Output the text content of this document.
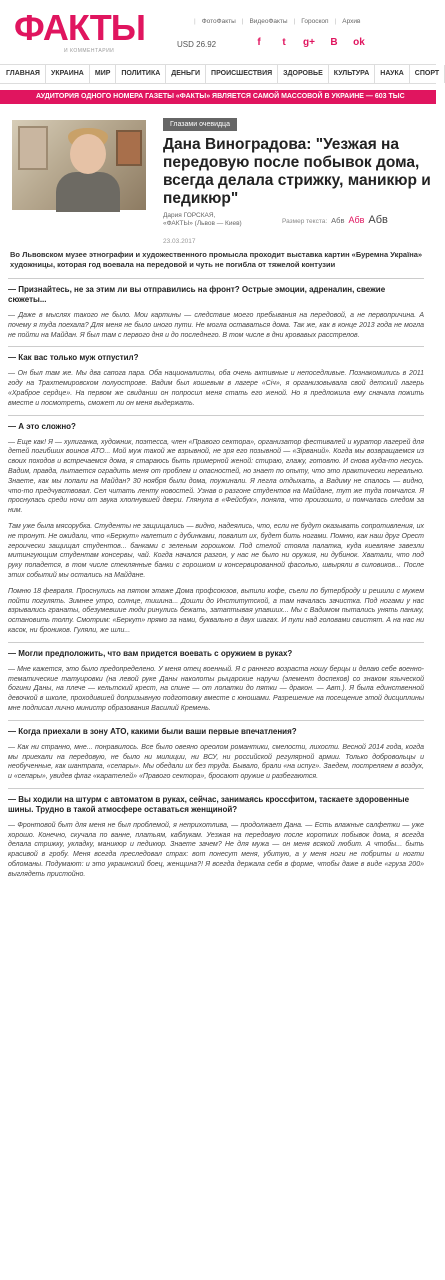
ФАКТЫ
И КОММЕНТАРИИ
| ФотоФакты | ВидеоФакты | Гороскоп | Архив
USD 26.92	f	t	g+	B	ok
ГЛАВНАЯ	УКРАИНА	МИР	ПОЛИТИКА	ДЕНЬГИ	ПРОИСШЕСТВИЯ	ЗДОРОВЬЕ	КУЛЬТУРА	НАУКА	СПОРТ
АУДИТОРИЯ ОДНОГО НОМЕРА ГАЗЕТЫ «ФАКТЫ» ЯВЛЯЕТСЯ САМОЙ МАССОВОЙ В УКРАИНЕ — 603 ТЫС
Глазами очевидца
Дана Виноградова: "Уезжая на передовую после побывок дома, всегда делала стрижку, маникюр и педикюр"
Дария ГОРСКАЯ,
«ФАКТЫ» (Львов — Киев)
23.03.2017
Размер текста: Абв Абв Абв

Во Львовском музее этнографии и художественного промысла проходит выставка картин «Буремна Україна» художницы, которая год воевала на передовой и чуть не погибла от тяжелой контузии

— Признайтесь, не за этим ли вы отправились на фронт? Острые эмоции, адреналин, свежие сюжеты...

— Даже в мыслях такого не было. Мои картины — следствие моего пребывания на передовой, а не первопричина. А почему я туда поехала? Для меня не было иного пути. Не могла оставаться дома. Так же, как в конце 2013 года не могла не пойти на Майдан. Я был там с первого дня и до последнего. В том числе в дни кровавых расстрелов.

— Как вас только муж отпустил?

— Он был там же. Мы два сапога пара. Оба националисты, оба очень активные и непоседливые. Познакомились в 2011 году на Трахтемировском полуострове. Вадим был кошевым в лагере «Січ», я организовывала свой детский лагерь «Храброе сердце». На первом же свидании он попросил меня стать его женой. Но я предложила ему сначала пожить вместе и посмотреть, сможет ли он меня выдержать.

— А это сложно?

— Еще как! Я — хулиганка, художник, поэтесса, член «Правого сектора», организатор фестивалей и куратор лагерей для детей погибших воинов АТО... Мой муж такой же взрывной, не зря его позывной — «Зірваний». Когда мы возвращаемся из своих походов и встречаемся дома, я стараюсь быть примерной женой: стираю, глажу, готовлю. И снова куда-то несусь. Вадим, правда, пытается оградить меня от проблем и опасностей, но знает по опыту, что это практически нереально. Знаете, как мы попали на Майдан? 30 ноября были дома, поужинали. Я легла отдыхать, а Вадиму не спалось — видно, что-то предчувствовал. Сел читать ленту новостей. Узнав о разгоне студентов на Майдане, тут же туда помчался. Я проснулась среди ночи от звука хлопнувшей двери. Глянула в «Фейсбук», поняла, что произошло, и помчалась следом за ним.

Там уже была мясорубка. Студенты не защищались — видно, надеялись, что, если не будут оказывать сопротивления, их не тронут. Не ожидали, что «Беркут» налетит с дубинками, повалит их, будет бить ногами. Помню, как наш друг Орест героически защищал студентов... банками с зеленым горошком. Под стелой стояла палатка, куда киевляне завезли митингующим студентам консервы, чай. Когда начался разгон, у нас не было ни оружия, ни дубинок. Хватали, что под руку попадется, в том числе стеклянные банки с горошком и консервированной фасолью, швыряли в силовиков... После этих событий мы остались на Майдане.

Помню 18 февраля. Проснулись на пятом этаже Дома профсоюзов, выпили кофе, съели по бутерброду и решили с мужем пойти погулять. Зимнее утро, солнце, тишина... Дошли до Институтской, а там началась зачистка. Под ногами у нас взрывались гранаты, обезумевшие люди ринулись бежать, затаптывая упавших... Мы с Вадимом пытались унять панику, остановить толпу. Смотрим: «Беркут» прямо за нами, буквально в двух шагах. И пули над головами свистят. А на нас ни касок, ни броников. Гуляли, же шли...

— Могли предположить, что вам придется воевать с оружием в руках?

— Мне кажется, это было предопределено. У меня отец военный. Я с раннего возраста ношу берцы и делаю себе военно-тематические татуировки (на левой руке Даны наколоты рыцарские наручи (элемент доспехов) со знаком языческой богини Даны, на плече — кельтский крест, на спине — от лопатки до пятки — дракон. — Авт.). Я была единственной девочкой в школе, проходившей допризывную подготовку вместе с юношами. Разрешение на посещение этой дисциплины мне подписал лично министр образования Василий Кремень.

— Когда приехали в зону АТО, какими были ваши первые впечатления?

— Как ни странно, мне... понравилось. Все было овеяно ореолом романтики, смелости, лихости. Весной 2014 года, когда мы приехали на передовую, не было ни милиции, ни ВСУ, ни российской регулярной армии. Только добровольцы и необученные, как шантрапа, «сепары». Мы обедали их без труда. Бывало, брали «на испуг». Заедем, постреляем в воздух, и «сепары», увидев флаг «карателей» «Правого сектора», бросают оружие и разбегаются.

— Вы ходили на штурм с автоматом в руках, сейчас, занимаясь кроссфитом, таскаете здоровенные шины. Трудно в такой атмосфере оставаться женщиной?

— Фронтовой быт для меня не был проблемой, я неприхотлива, — продолжает Дана. — Есть влажные салфетки — уже хорошо. Конечно, скучала по ванне, платьям, каблукам. Уезжая на передовую после коротких побывок дома, я всегда делала стрижку, укладку, маникюр и педикюр. Знаете зачем? Не для мужа — он меня всякой любит. А чтобы... быть красивой в гробу. Меня всегда преследовал страх: вот понесут меня, убитую, а у меня ноги не побриты и ногти обломаны. Подумают: и это украинский боец, женщина?! Я всегда держала себя в форме, чтобы даже в виде «груза 200» выглядеть пристойно.
